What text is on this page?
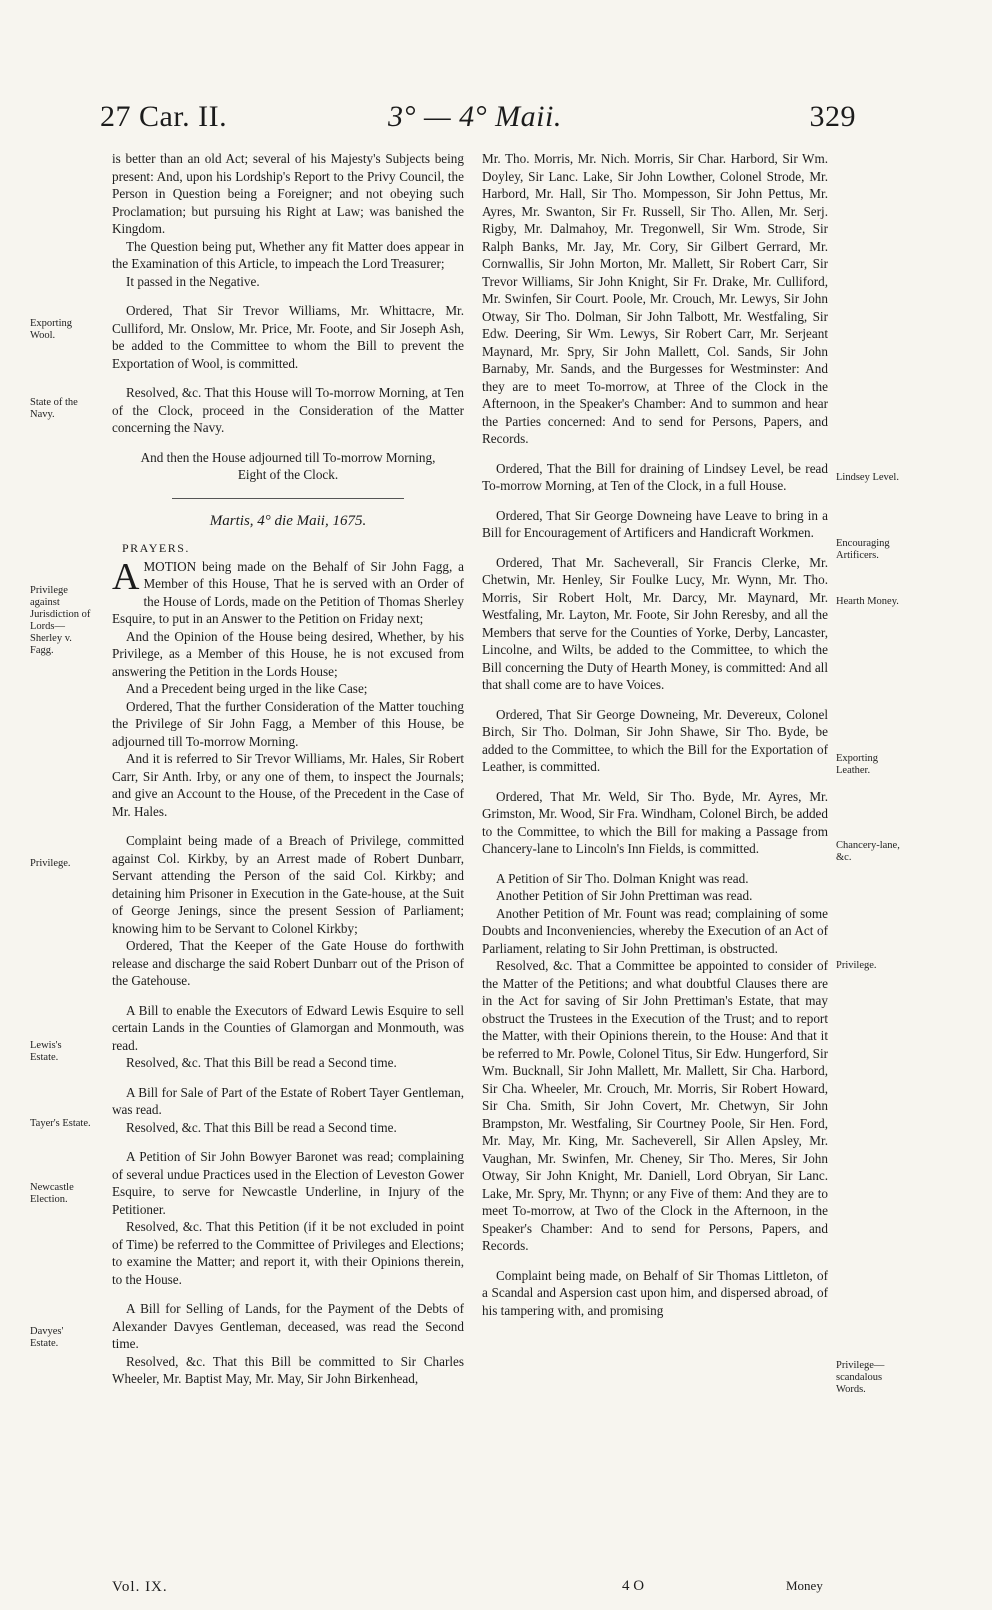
27 Car. II.	3° — 4° Maii.	329
Exporting Wool.
State of the Navy.
Privilege against Jurisdiction of Lords—Sherley v. Fagg.
Privilege.
Lewis's Estate.
Tayer's Estate.
Newcastle Election.
Davyes' Estate.
Lindsey Level.
Encouraging Artificers.
Hearth Money.
Exporting Leather.
Chancery-lane, &c.
Privilege.
Privilege—scandalous Words.

is better than an old Act; several of his Majesty's Subjects being present: And, upon his Lordship's Report to the Privy Council, the Person in Question being a Foreigner; and not obeying such Proclamation; but pursuing his Right at Law; was banished the Kingdom.

The Question being put, Whether any fit Matter does appear in the Examination of this Article, to impeach the Lord Treasurer;

It passed in the Negative.

Ordered, That Sir Trevor Williams, Mr. Whittacre, Mr. Culliford, Mr. Onslow, Mr. Price, Mr. Foote, and Sir Joseph Ash, be added to the Committee to whom the Bill to prevent the Exportation of Wool, is committed.

Resolved, &c. That this House will To-morrow Morning, at Ten of the Clock, proceed in the Consideration of the Matter concerning the Navy.

And then the House adjourned till To-morrow Morning, Eight of the Clock.

Martis, 4° die Maii, 1675.

PRAYERS.

AMOTION being made on the Behalf of Sir John Fagg, a Member of this House, That he is served with an Order of the House of Lords, made on the Petition of Thomas Sherley Esquire, to put in an Answer to the Petition on Friday next;

And the Opinion of the House being desired, Whether, by his Privilege, as a Member of this House, he is not excused from answering the Petition in the Lords House;

And a Precedent being urged in the like Case;

Ordered, That the further Consideration of the Matter touching the Privilege of Sir John Fagg, a Member of this House, be adjourned till To-morrow Morning.

And it is referred to Sir Trevor Williams, Mr. Hales, Sir Robert Carr, Sir Anth. Irby, or any one of them, to inspect the Journals; and give an Account to the House, of the Precedent in the Case of Mr. Hales.

Complaint being made of a Breach of Privilege, committed against Col. Kirkby, by an Arrest made of Robert Dunbarr, Servant attending the Person of the said Col. Kirkby; and detaining him Prisoner in Execution in the Gate-house, at the Suit of George Jenings, since the present Session of Parliament; knowing him to be Servant to Colonel Kirkby;

Ordered, That the Keeper of the Gate House do forthwith release and discharge the said Robert Dunbarr out of the Prison of the Gatehouse.

A Bill to enable the Executors of Edward Lewis Esquire to sell certain Lands in the Counties of Glamorgan and Monmouth, was read.

Resolved, &c. That this Bill be read a Second time.

A Bill for Sale of Part of the Estate of Robert Tayer Gentleman, was read.

Resolved, &c. That this Bill be read a Second time.

A Petition of Sir John Bowyer Baronet was read; complaining of several undue Practices used in the Election of Leveston Gower Esquire, to serve for Newcastle Underline, in Injury of the Petitioner.

Resolved, &c. That this Petition (if it be not excluded in point of Time) be referred to the Committee of Privileges and Elections; to examine the Matter; and report it, with their Opinions therein, to the House.

A Bill for Selling of Lands, for the Payment of the Debts of Alexander Davyes Gentleman, deceased, was read the Second time.

Resolved, &c. That this Bill be committed to Sir Charles Wheeler, Mr. Baptist May, Mr. May, Sir John Birkenhead,

Mr. Tho. Morris, Mr. Nich. Morris, Sir Char. Harbord, Sir Wm. Doyley, Sir Lanc. Lake, Sir John Lowther, Colonel Strode, Mr. Harbord, Mr. Hall, Sir Tho. Mompesson, Sir John Pettus, Mr. Ayres, Mr. Swanton, Sir Fr. Russell, Sir Tho. Allen, Mr. Serj. Rigby, Mr. Dalmahoy, Mr. Tregonwell, Sir Wm. Strode, Sir Ralph Banks, Mr. Jay, Mr. Cory, Sir Gilbert Gerrard, Mr. Cornwallis, Sir John Morton, Mr. Mallett, Sir Robert Carr, Sir Trevor Williams, Sir John Knight, Sir Fr. Drake, Mr. Culliford, Mr. Swinfen, Sir Court. Poole, Mr. Crouch, Mr. Lewys, Sir John Otway, Sir Tho. Dolman, Sir John Talbott, Mr. Westfaling, Sir Edw. Deering, Sir Wm. Lewys, Sir Robert Carr, Mr. Serjeant Maynard, Mr. Spry, Sir John Mallett, Col. Sands, Sir John Barnaby, Mr. Sands, and the Burgesses for Westminster: And they are to meet To-morrow, at Three of the Clock in the Afternoon, in the Speaker's Chamber: And to summon and hear the Parties concerned: And to send for Persons, Papers, and Records.

Ordered, That the Bill for draining of Lindsey Level, be read To-morrow Morning, at Ten of the Clock, in a full House.

Ordered, That Sir George Downeing have Leave to bring in a Bill for Encouragement of Artificers and Handicraft Workmen.

Ordered, That Mr. Sacheverall, Sir Francis Clerke, Mr. Chetwin, Mr. Henley, Sir Foulke Lucy, Mr. Wynn, Mr. Tho. Morris, Sir Robert Holt, Mr. Darcy, Mr. Maynard, Mr. Westfaling, Mr. Layton, Mr. Foote, Sir John Reresby, and all the Members that serve for the Counties of Yorke, Derby, Lancaster, Lincolne, and Wilts, be added to the Committee, to which the Bill concerning the Duty of Hearth Money, is committed: And all that shall come are to have Voices.

Ordered, That Sir George Downeing, Mr. Devereux, Colonel Birch, Sir Tho. Dolman, Sir John Shawe, Sir Tho. Byde, be added to the Committee, to which the Bill for the Exportation of Leather, is committed.

Ordered, That Mr. Weld, Sir Tho. Byde, Mr. Ayres, Mr. Grimston, Mr. Wood, Sir Fra. Windham, Colonel Birch, be added to the Committee, to which the Bill for making a Passage from Chancery-lane to Lincoln's Inn Fields, is committed.

A Petition of Sir Tho. Dolman Knight was read.

Another Petition of Sir John Prettiman was read.

Another Petition of Mr. Fount was read; complaining of some Doubts and Inconveniencies, whereby the Execution of an Act of Parliament, relating to Sir John Prettiman, is obstructed.

Resolved, &c. That a Committee be appointed to consider of the Matter of the Petitions; and what doubtful Clauses there are in the Act for saving of Sir John Prettiman's Estate, that may obstruct the Trustees in the Execution of the Trust; and to report the Matter, with their Opinions therein, to the House: And that it be referred to Mr. Powle, Colonel Titus, Sir Edw. Hungerford, Sir Wm. Bucknall, Sir John Mallett, Mr. Mallett, Sir Cha. Harbord, Sir Cha. Wheeler, Mr. Crouch, Mr. Morris, Sir Robert Howard, Sir Cha. Smith, Sir John Covert, Mr. Chetwyn, Sir John Brampston, Mr. Westfaling, Sir Courtney Poole, Sir Hen. Ford, Mr. May, Mr. King, Mr. Sacheverell, Sir Allen Apsley, Mr. Vaughan, Mr. Swinfen, Mr. Cheney, Sir Tho. Meres, Sir John Otway, Sir John Knight, Mr. Daniell, Lord Obryan, Sir Lanc. Lake, Mr. Spry, Mr. Thynn; or any Five of them: And they are to meet To-morrow, at Two of the Clock in the Afternoon, in the Speaker's Chamber: And to send for Persons, Papers, and Records.

Complaint being made, on Behalf of Sir Thomas Littleton, of a Scandal and Aspersion cast upon him, and dispersed abroad, of his tampering with, and promising

Vol. IX.	4 O	Money
